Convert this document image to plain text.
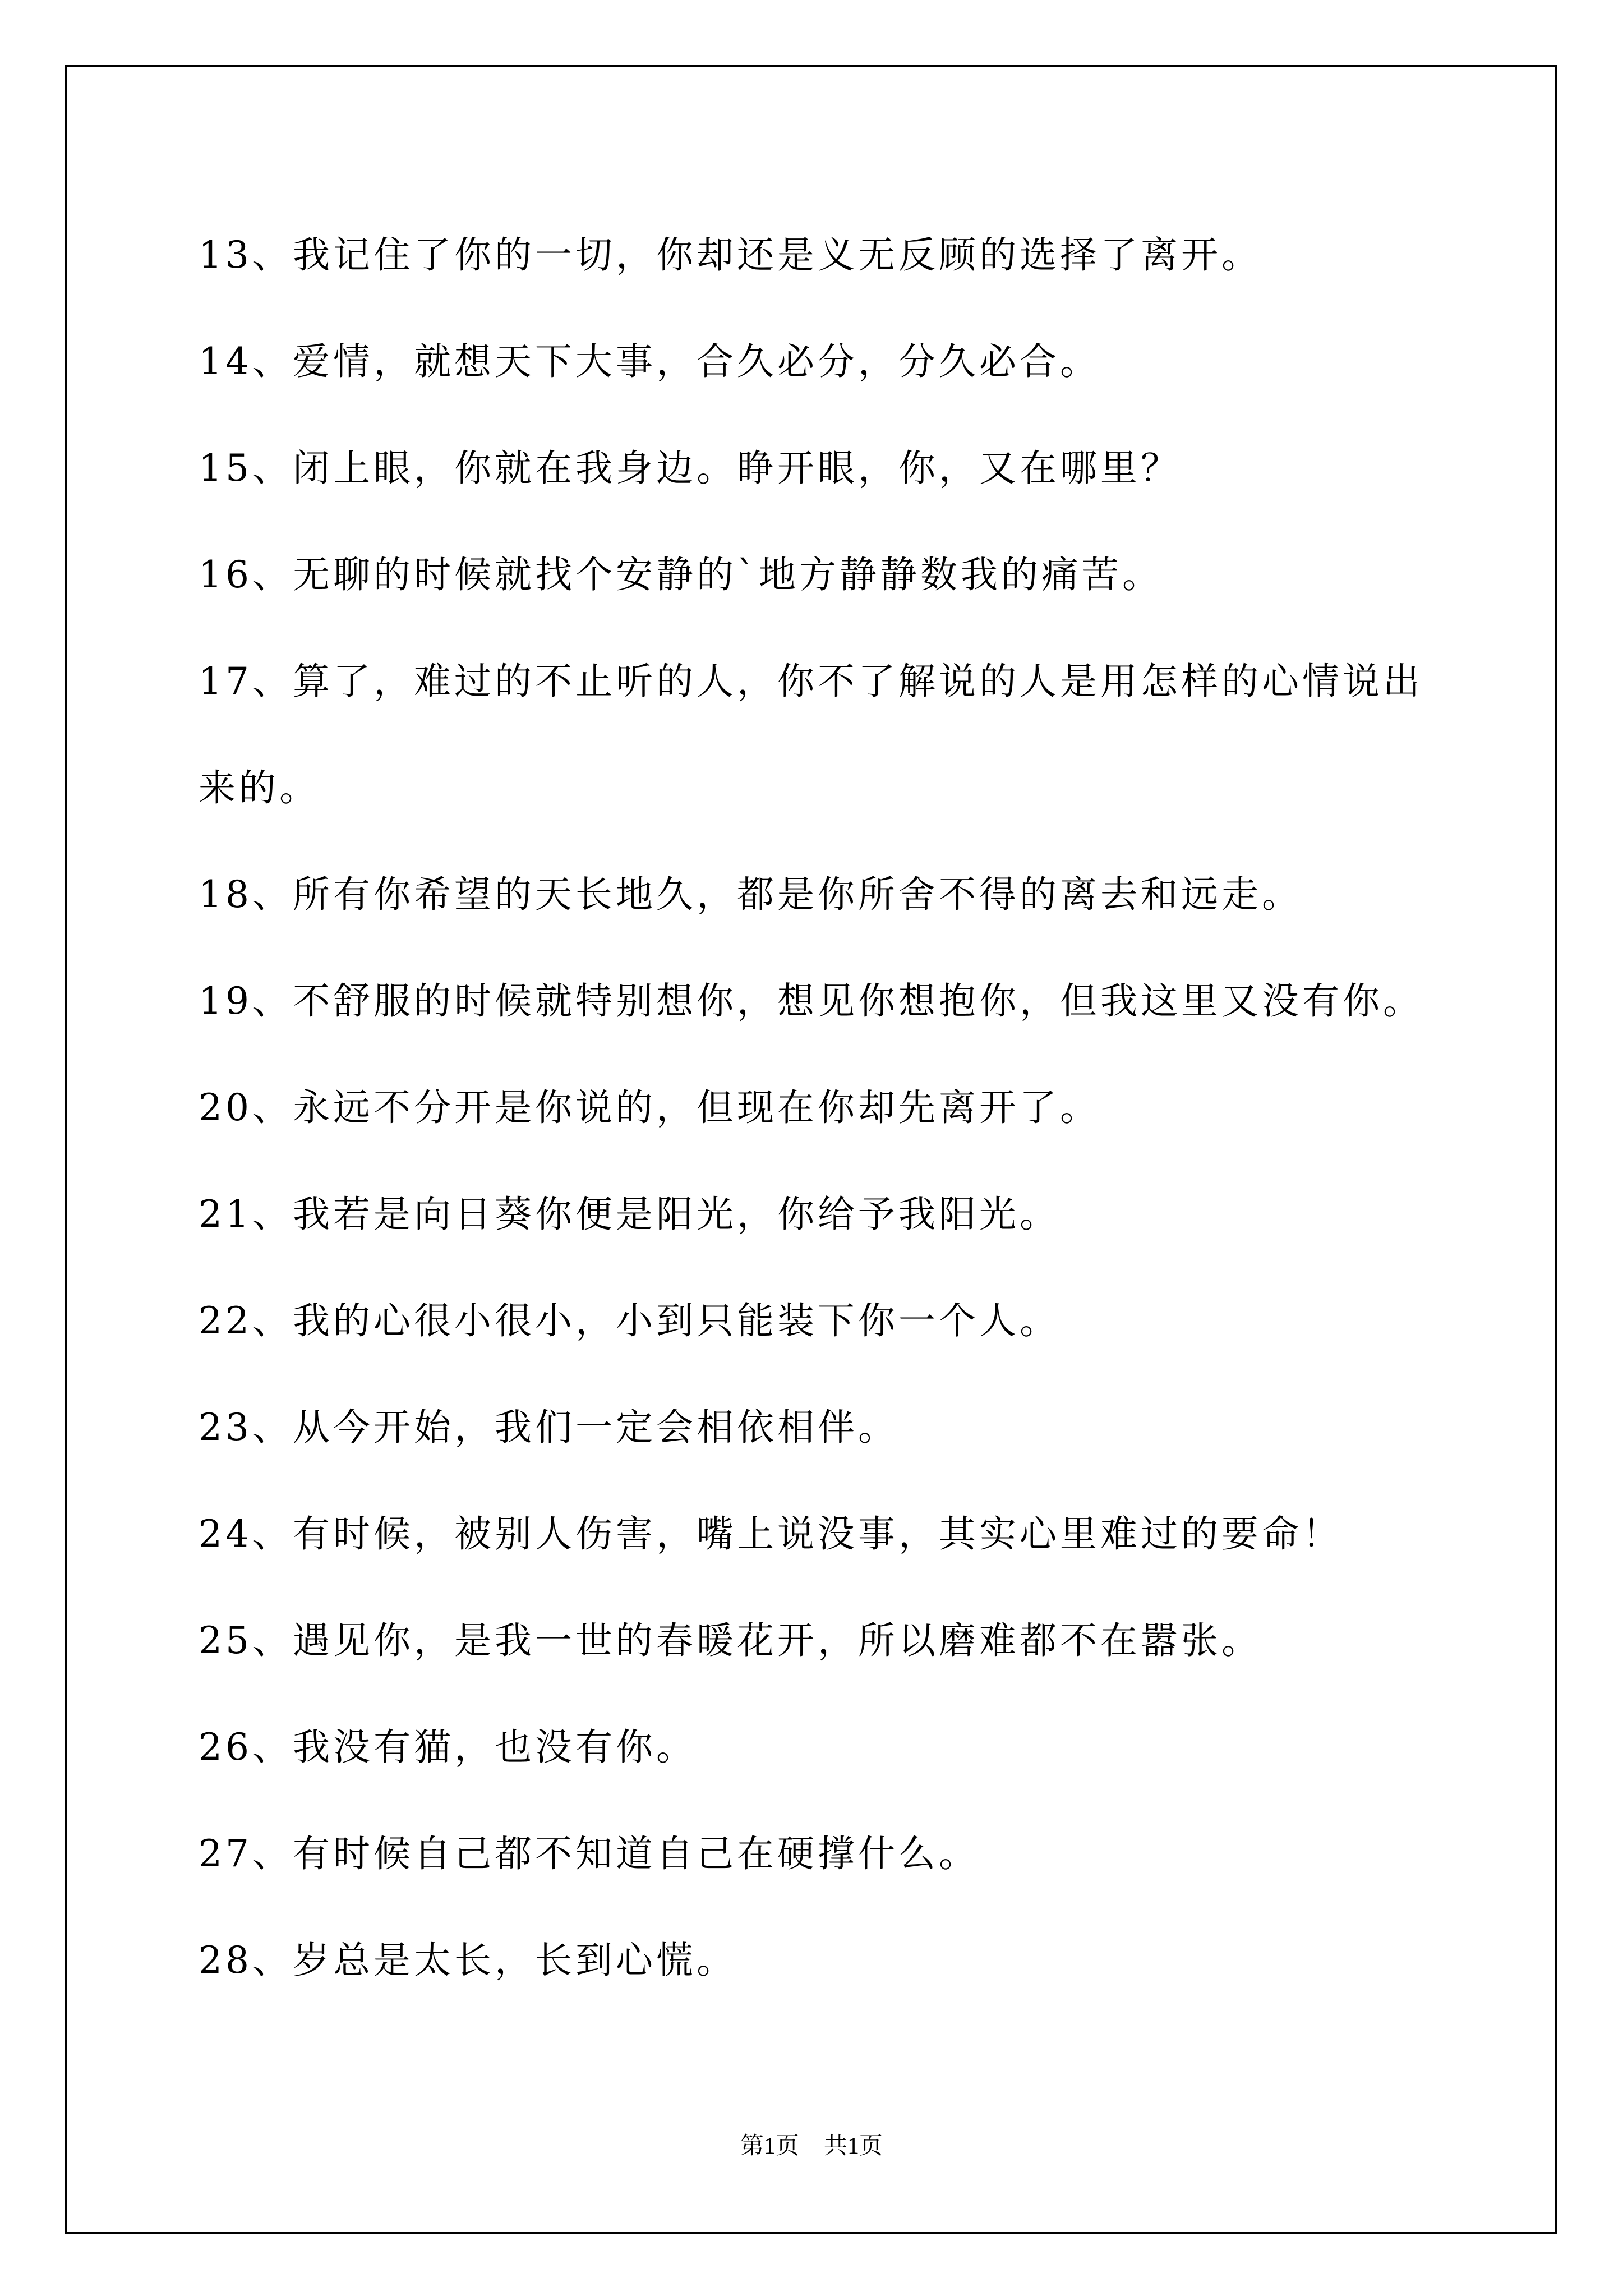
13、我记住了你的一切，你却还是义无反顾的选择了离开。

14、爱情，就想天下大事，合久必分，分久必合。

15、闭上眼，你就在我身边。睁开眼，你，又在哪里？

16、无聊的时候就找个安静的`地方静静数我的痛苦。

17、算了，难过的不止听的人，你不了解说的人是用怎样的心情说出

来的。

18、所有你希望的天长地久，都是你所舍不得的离去和远走。

19、不舒服的时候就特别想你，想见你想抱你，但我这里又没有你。

20、永远不分开是你说的，但现在你却先离开了。

21、我若是向日葵你便是阳光，你给予我阳光。

22、我的心很小很小，小到只能装下你一个人。

23、从今开始，我们一定会相依相伴。

24、有时候，被别人伤害，嘴上说没事，其实心里难过的要命！

25、遇见你，是我一世的春暖花开，所以磨难都不在嚣张。

26、我没有猫，也没有你。

27、有时候自己都不知道自己在硬撑什么。

28、岁总是太长，长到心慌。

第1页 共1页
